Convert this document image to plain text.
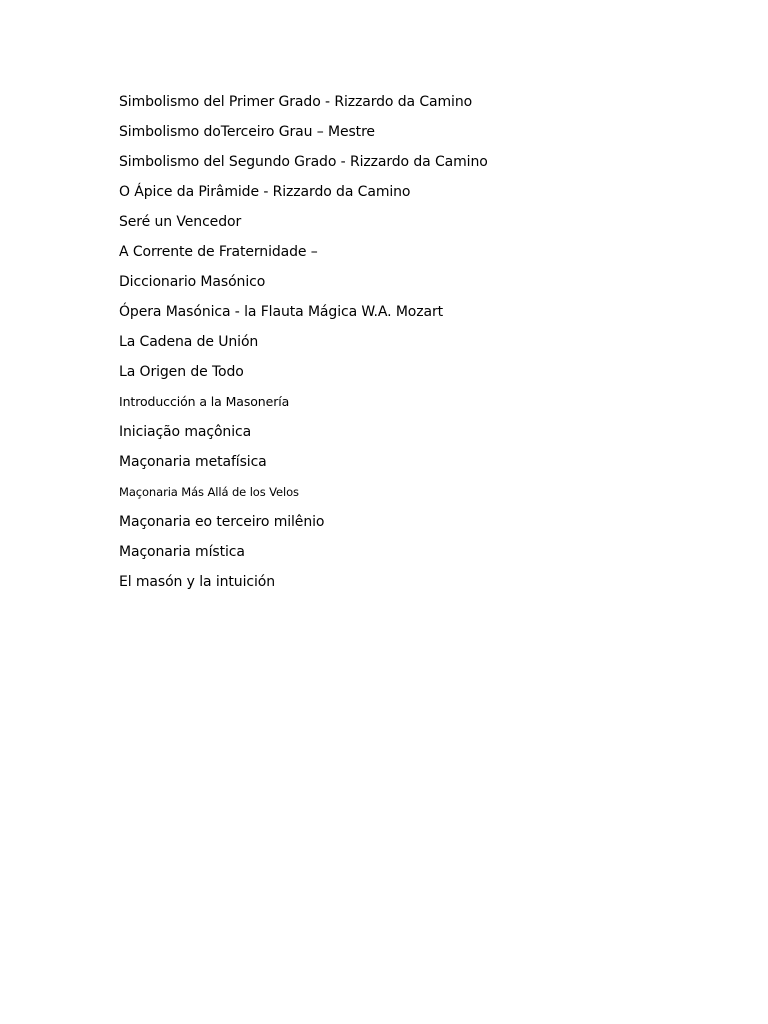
Simbolismo del Primer Grado - Rizzardo da Camino
Simbolismo doTerceiro Grau – Mestre
Simbolismo del Segundo Grado - Rizzardo da Camino
O Ápice da Pirâmide - Rizzardo da Camino
Seré un Vencedor
A Corrente de Fraternidade –
Diccionario Masónico
Ópera Masónica - la Flauta Mágica W.A. Mozart
La Cadena de Unión
La Origen de Todo
Introducción a la Masonería
Iniciação maçônica
Maçonaria metafísica
Maçonaria Más Allá de los Velos
Maçonaria eo terceiro milênio
Maçonaria mística
El masón y la intuición
